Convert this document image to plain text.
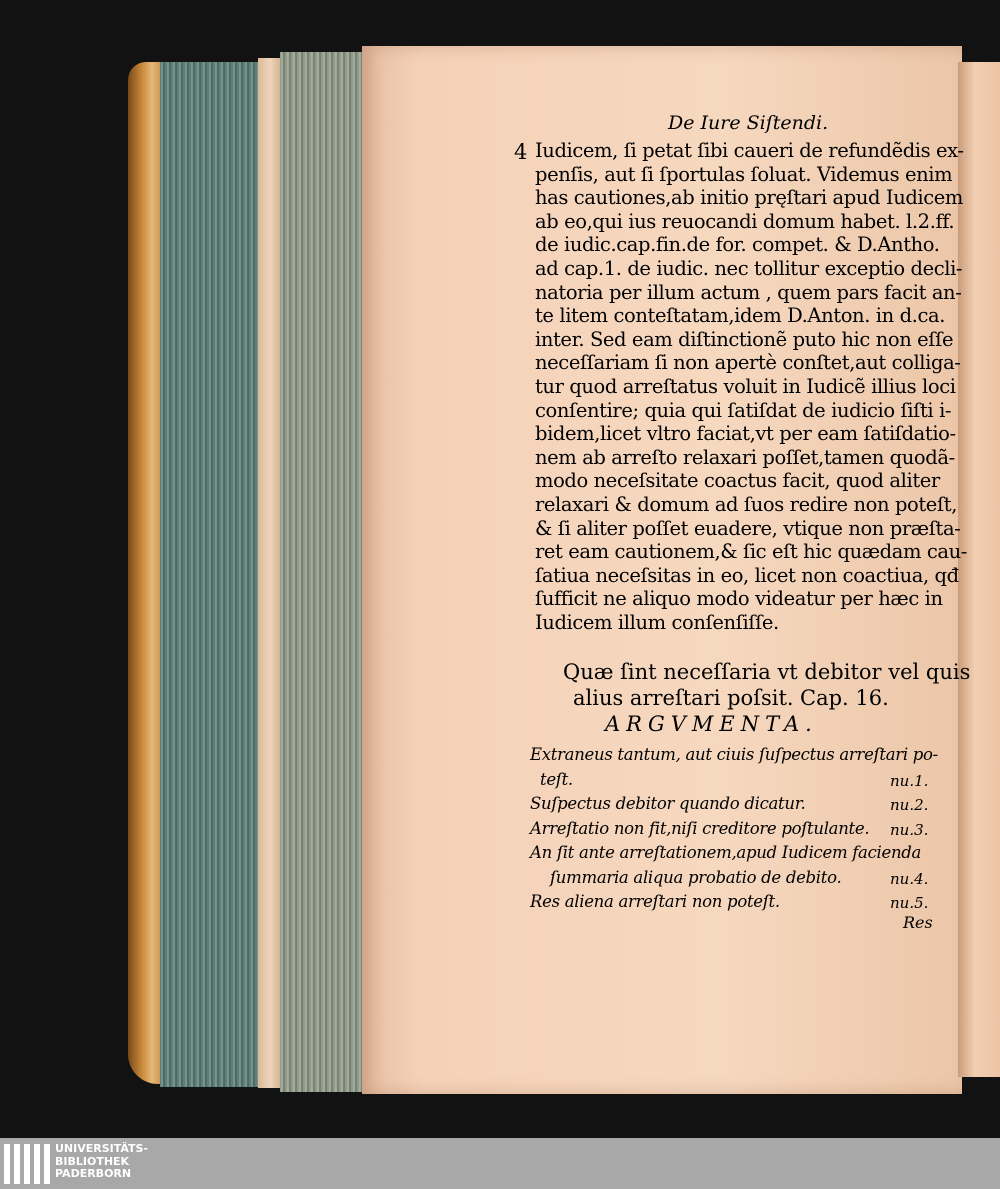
De Iure Siſtendi.
4 Iudicem, ſi petat ſibi caueri de refundẽdis ex-
penſis, aut ſi ſportulas ſoluat. Videmus enim
has cautiones,ab initio pręſtari apud Iudicem
ab eo,qui ius reuocandi domum habet. l.2.ff.
de iudic.cap.fin.de for. compet. & D.Antho.
ad cap.1. de iudic. nec tollitur exceptio decli-
natoria per illum actum , quem pars facit an-
te litem conteſtatam,idem D.Anton. in d.ca.
inter. Sed eam diſtinctionẽ puto hic non eſſe
neceſſariam ſi non apertè conſtet,aut colliga-
tur quod arreſtatus voluit in Iudicẽ illius loci
conſentire; quia qui ſatiſdat de iudicio ſiſti i-
bidem,licet vltro faciat,vt per eam ſatiſdatio-
nem ab arreſto relaxari poſſet,tamen quodã-
modo neceſsitate coactus facit, quod aliter
relaxari & domum ad ſuos redire non poteſt,
& ſi aliter poſſet euadere, vtique non præſta-
ret eam cautionem,& ſic eſt hic quædam cau-
ſatiua neceſsitas in eo, licet non coactiua, qđ
ſufficit ne aliquo modo videatur per hæc in
Iudicem illum conſenſiſſe.
Quæ ſint neceſſaria vt debitor vel quis
alius arreſtari poſsit. Cap. 16.
ARGVMENTA.
Extraneus tantum, aut ciuis ſuſpectus arreſtari po-
teſt.	nu.1.
Suſpectus debitor quando dicatur.	nu.2.
Arreſtatio non fit,niſi creditore poſtulante. nu.3.
An ſit ante arreſtationem,apud Iudicem facienda
ſummaria aliqua probatio de debito.	nu.4.
Res aliena arreſtari non poteſt.	nu.5.
Res
UNIVERSITÄTS-
BIBLIOTHEK
PADERBORN
